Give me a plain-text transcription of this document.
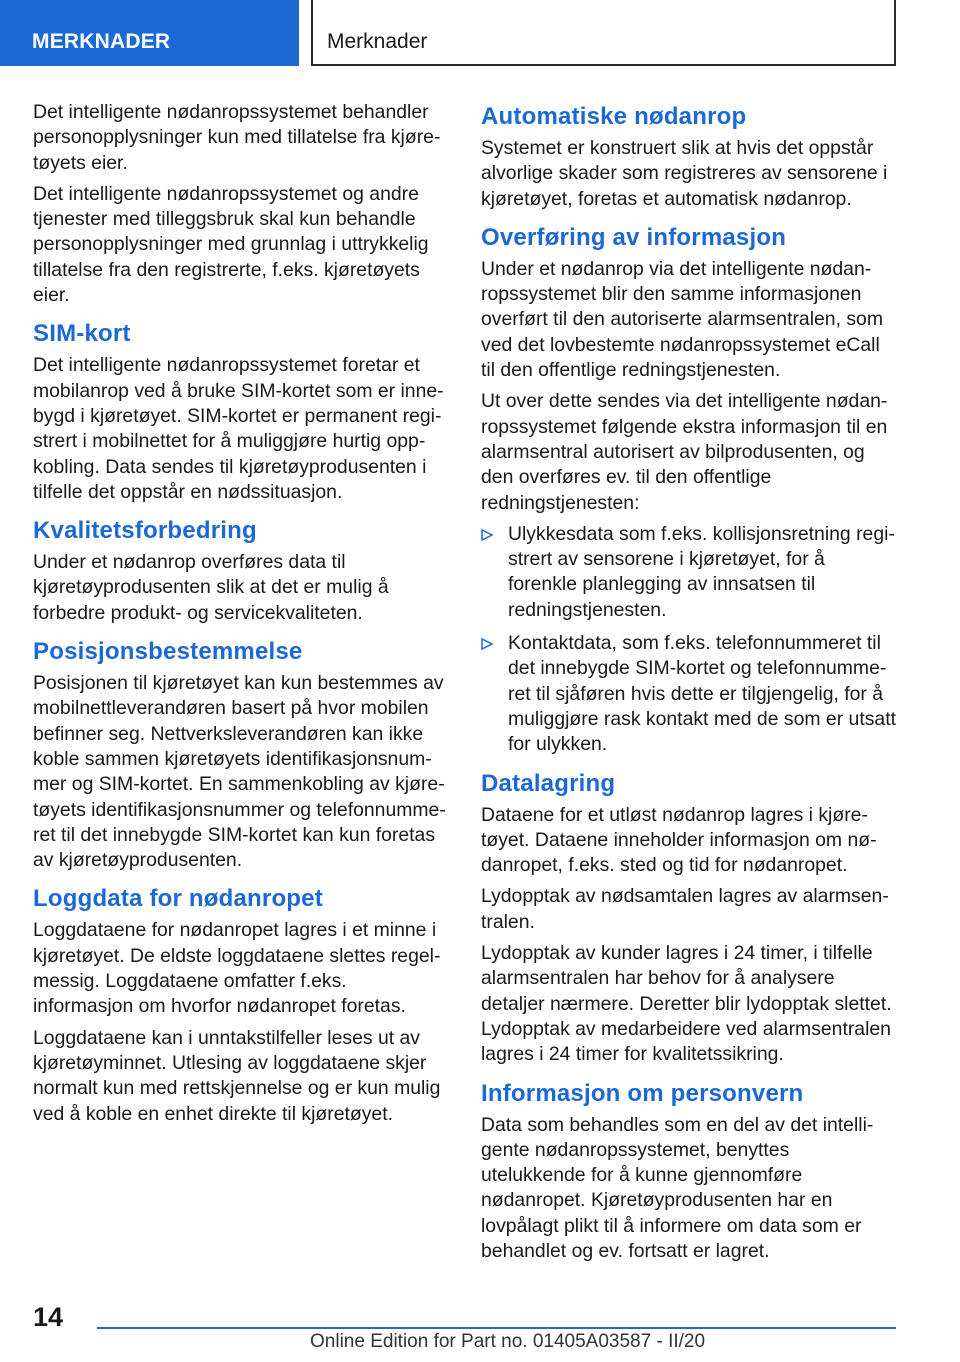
MERKNADER	Merknader
Det intelligente nødanropssystemet behandler personopplysninger kun med tillatelse fra kjøretøyets eier.
Det intelligente nødanropssystemet og andre tjenester med tilleggsbruk skal kun behandle personopplysninger med grunnlag i uttrykkelig tillatelse fra den registrerte, f.eks. kjøretøyets eier.
SIM-kort
Det intelligente nødanropssystemet foretar et mobilanrop ved å bruke SIM-kortet som er innebygd i kjøretøyet. SIM-kortet er permanent registrert i mobilnettet for å muliggjøre hurtig oppkobling. Data sendes til kjøretøyprodusenten i tilfelle det oppstår en nødssituasjon.
Kvalitetsforbedring
Under et nødanrop overføres data til kjøretøyprodusenten slik at det er mulig å forbedre produkt- og servicekvaliteten.
Posisjonsbestemmelse
Posisjonen til kjøretøyet kan kun bestemmes av mobilnettleverandøren basert på hvor mobilen befinner seg. Nettverksleverandøren kan ikke koble sammen kjøretøyets identifikasjonsnummer og SIM-kortet. En sammenkobling av kjøretøyets identifikasjonsnummer og telefonnummeret til det innebygde SIM-kortet kan kun foretas av kjøretøyprodusenten.
Loggdata for nødanropet
Loggdataene for nødanropet lagres i et minne i kjøretøyet. De eldste loggdataene slettes regelmessig. Loggdataene omfatter f.eks. informasjon om hvorfor nødanropet foretas.
Loggdataene kan i unntakstilfeller leses ut av kjøretøyminnet. Utlesing av loggdataene skjer normalt kun med rettskjennelse og er kun mulig ved å koble en enhet direkte til kjøretøyet.
Automatiske nødanrop
Systemet er konstruert slik at hvis det oppstår alvorlige skader som registreres av sensorene i kjøretøyet, foretas et automatisk nødanrop.
Overføring av informasjon
Under et nødanrop via det intelligente nødanropssystemet blir den samme informasjonen overført til den autoriserte alarmsentralen, som ved det lovbestemte nødanropssystemet eCall til den offentlige redningstjenesten.
Ut over dette sendes via det intelligente nødanropssystemet følgende ekstra informasjon til en alarmsentral autorisert av bilprodusenten, og den overføres ev. til den offentlige redningstjenesten:
Ulykkesdata som f.eks. kollisjonsretning registrert av sensorene i kjøretøyet, for å forenkle planlegging av innsatsen til redningstjenesten.
Kontaktdata, som f.eks. telefonnummeret til det innebygde SIM-kortet og telefonnummeret til sjåføren hvis dette er tilgjengelig, for å muliggjøre rask kontakt med de som er utsatt for ulykken.
Datalagring
Dataene for et utløst nødanrop lagres i kjøretøyet. Dataene inneholder informasjon om nødanropet, f.eks. sted og tid for nødanropet.
Lydopptak av nødsamtalen lagres av alarmsentralen.
Lydopptak av kunder lagres i 24 timer, i tilfelle alarmsentralen har behov for å analysere detaljer nærmere. Deretter blir lydopptak slettet. Lydopptak av medarbeidere ved alarmsentralen lagres i 24 timer for kvalitetssikring.
Informasjon om personvern
Data som behandles som en del av det intelligente nødanropssystemet, benyttes utelukkende for å kunne gjennomføre nødanropet. Kjøretøyprodusenten har en lovpålagt plikt til å informere om data som er behandlet og ev. fortsatt er lagret.
14
Online Edition for Part no. 01405A03587 - II/20
